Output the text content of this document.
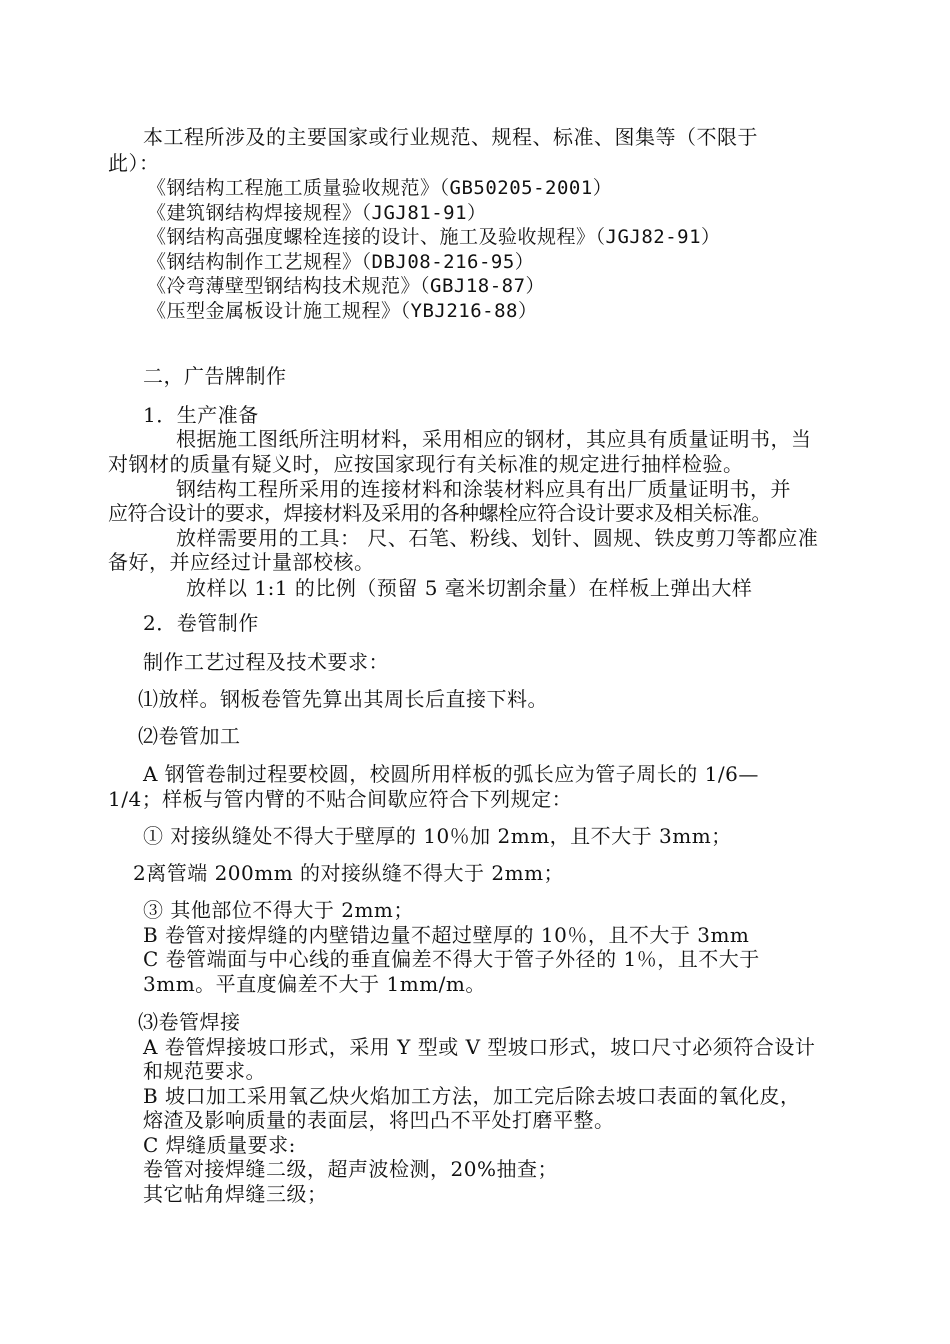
本工程所涉及的主要国家或行业规范、规程、标准、图集等（不限于
此）：
《钢结构工程施工质量验收规范》（GB50205-2001）
《建筑钢结构焊接规程》（JGJ81-91）
《钢结构高强度螺栓连接的设计、施工及验收规程》（JGJ82-91）
《钢结构制作工艺规程》（DBJ08-216-95）
《冷弯薄壁型钢结构技术规范》（GBJ18-87）
《压型金属板设计施工规程》（YBJ216-88）
二，广告牌制作
1．生产准备
根据施工图纸所注明材料，采用相应的钢材，其应具有质量证明书，当
对钢材的质量有疑义时，应按国家现行有关标准的规定进行抽样检验。
钢结构工程所采用的连接材料和涂装材料应具有出厂质量证明书，并
应符合设计的要求，焊接材料及采用的各种螺栓应符合设计要求及相关标准。
放样需要用的工具： 尺、石笔、粉线、划针、圆规、铁皮剪刀等都应准
备好，并应经过计量部校核。
放样以 1:1 的比例（预留 5 毫米切割余量）在样板上弹出大样
2．卷管制作
制作工艺过程及技术要求：
⑴放样。钢板卷管先算出其周长后直接下料。
⑵卷管加工
A 钢管卷制过程要校圆，校圆所用样板的弧长应为管子周长的 1/6—
1/4；样板与管内臂的不贴合间歇应符合下列规定：
① 对接纵缝处不得大于壁厚的 10％加 2mm，且不大于 3mm；
2离管端 200mm 的对接纵缝不得大于 2mm；
③ 其他部位不得大于 2mm；
B 卷管对接焊缝的内壁错边量不超过壁厚的 10％，且不大于 3mm
C 卷管端面与中心线的垂直偏差不得大于管子外径的 1％，且不大于
3mm。平直度偏差不大于 1mm/m。
⑶卷管焊接
A 卷管焊接坡口形式，采用 Y 型或 V 型坡口形式，坡口尺寸必须符合设计
和规范要求。
B 坡口加工采用氧乙炔火焰加工方法，加工完后除去坡口表面的氧化皮，
熔渣及影响质量的表面层，将凹凸不平处打磨平整。
C 焊缝质量要求:
卷管对接焊缝二级，超声波检测，20%抽查；
其它帖角焊缝三级；
